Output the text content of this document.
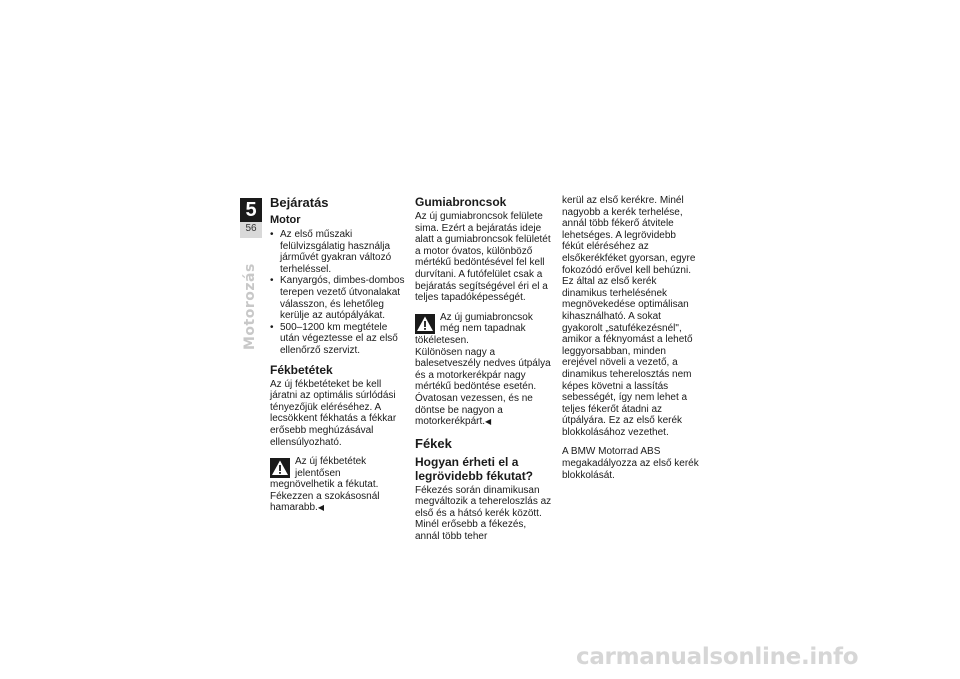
5
56
Motorozás
Bejáratás
Motor
• Az első műszaki felülvizsgálatig használja járművét gyakran változó terheléssel.
• Kanyargós, dimbes-dombos terepen vezető útvonalakat válasszon, és lehetőleg kerülje az autópályákat.
• 500–1200 km megtétele után végeztesse el az első ellenőrző szervizt.
Fékbetétek

Az új fékbetéteket be kell járatni az optimális súrlódási tényezőjük eléréséhez. A lecsökkent fékhatás a fékkar erősebb meghúzásával ellensúlyozható.

Az új fékbetétek jelentősen megnövelhetik a fékutat.

Fékezzen a szokásosnál hamarabb.◀

Gumiabroncsok

Az új gumiabroncsok felülete sima. Ezért a bejáratás ideje alatt a gumiabroncsok felületét a motor óvatos, különböző mértékű bedöntésével fel kell durvítani. A futófelület csak a bejáratás segítségével éri el a teljes tapadóképességét.

Az új gumiabroncsok még nem tapadnak tökéletesen.

Különösen nagy a balesetveszély nedves útpálya és a motorkerékpár nagy mértékű bedöntése esetén.

Óvatosan vezessen, és ne döntse be nagyon a motorkerékpárt.◀

Fékek
Hogyan érheti el a legrövidebb fékutat?

Fékezés során dinamikusan megváltozik a tehereloszlás az első és a hátsó kerék között. Minél erősebb a fékezés, annál több teher

kerül az első kerékre. Minél nagyobb a kerék terhelése, annál több fékerő átvitele lehetséges. A legrövidebb fékút eléréséhez az elsőkerékféket gyorsan, egyre fokozódó erővel kell behúzni. Ez által az első kerék dinamikus terhelésének megnövekedése optimálisan kihasználható. A sokat gyakorolt „satufékezésnél", amikor a féknyomást a lehető leggyorsabban, minden erejével növeli a vezető, a dinamikus teherelosztás nem képes követni a lassítás sebességét, így nem lehet a teljes fékerőt átadni az útpályára. Ez az első kerék blokkolásához vezethet.

A BMW Motorrad ABS megakadályozza az első kerék blokkolását.

carmanualsonline.info
